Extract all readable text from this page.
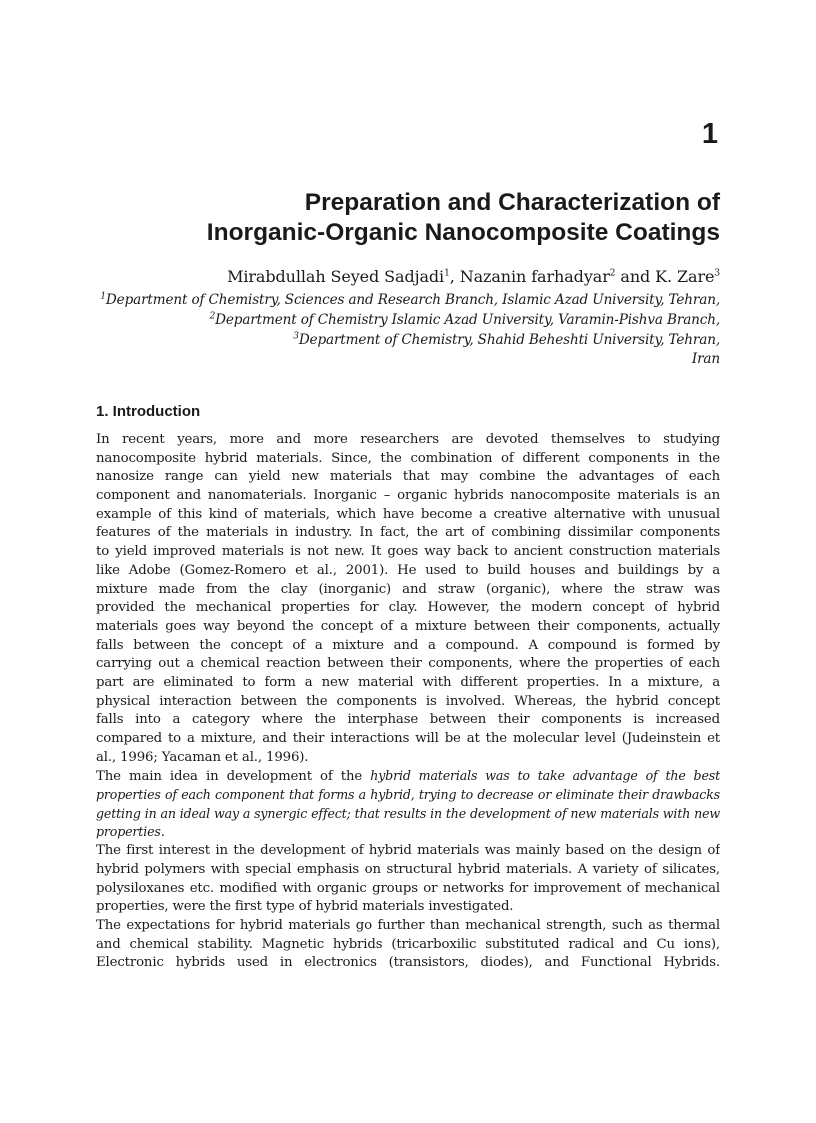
1
Preparation and Characterization of
Inorganic-Organic Nanocomposite Coatings

Mirabdullah Seyed Sadjadi$^1$, Nazanin farhadyar$^2$ and K. Zare$^3$

$^1$Department of Chemistry, Sciences and Research Branch, Islamic Azad University, Tehran,
$^2$Department of Chemistry Islamic Azad University, Varamin-Pishva Branch,
$^3$Department of Chemistry, Shahid Beheshti University, Tehran,
Iran
1. Introduction
In recent years, more and more researchers are devoted themselves to studying
nanocomposite hybrid materials. Since, the combination of different components in the
nanosize range can yield new materials that may combine the advantages of each
component and nanomaterials. Inorganic – organic hybrids nanocomposite materials is an
example of this kind of materials, which have become a creative alternative with unusual
features of the materials in industry. In fact, the art of combining dissimilar components
to yield improved materials is not new. It goes way back to ancient construction materials
like Adobe (Gomez-Romero et al., 2001). He used to build houses and buildings by a
mixture made from the clay (inorganic) and straw (organic), where the straw was
provided the mechanical properties for clay. However, the modern concept of hybrid
materials goes way beyond the concept of a mixture between their components, actually
falls between the concept of a mixture and a compound. A compound is formed by
carrying out a chemical reaction between their components, where the properties of each
part are eliminated to form a new material with different properties. In a mixture, a
physical interaction between the components is involved. Whereas, the hybrid concept
falls into a category where the interphase between their components is increased
compared to a mixture, and their interactions will be at the molecular level (Judeinstein et
al., 1996; Yacaman et al., 1996).
The main idea in development of the hybrid materials was to take advantage of the best
properties of each component that forms a hybrid, trying to decrease or eliminate their drawbacks
getting in an ideal way a synergic effect; that results in the development of new materials with new
properties.
The first interest in the development of hybrid materials was mainly based on the design of
hybrid polymers with special emphasis on structural hybrid materials. A variety of silicates,
polysiloxanes etc. modified with organic groups or networks for improvement of mechanical
properties, were the first type of hybrid materials investigated.
The expectations for hybrid materials go further than mechanical strength, such as thermal
and chemical stability. Magnetic hybrids (tricarboxilic substituted radical and Cu ions),
Electronic hybrids used in electronics (transistors, diodes), and Functional Hybrids.
